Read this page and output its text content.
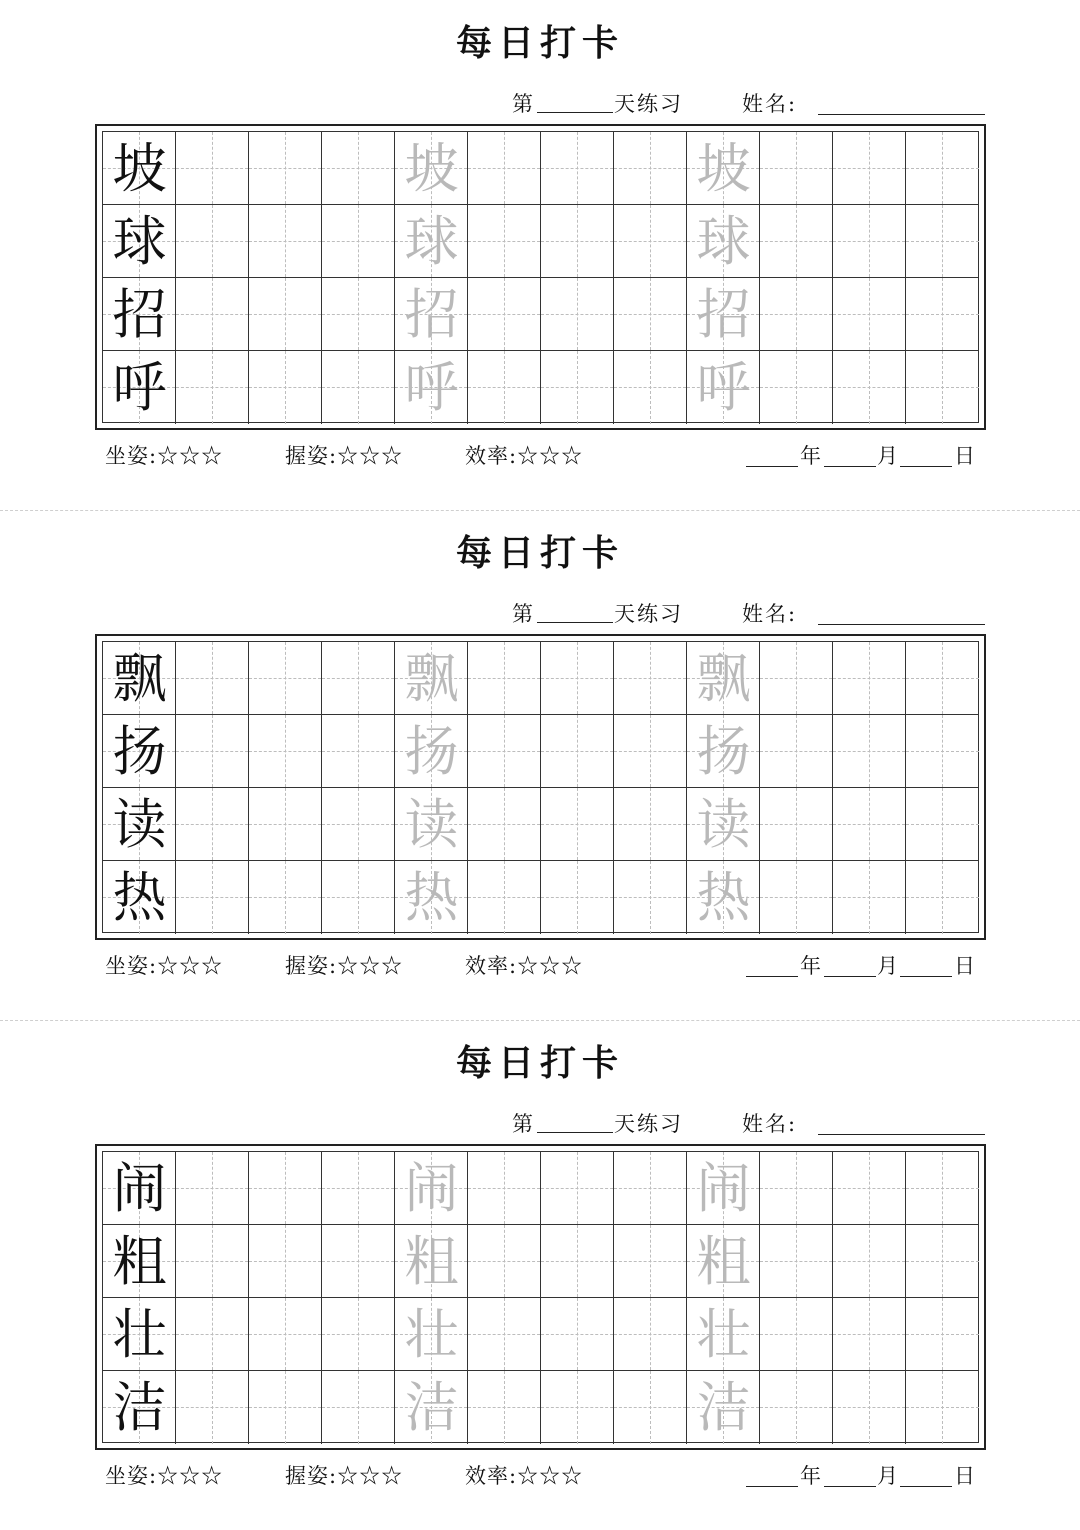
每日打卡
第	天练习	姓名:
坡	坡	坡
球	球	球
招	招	招
呼	呼	呼
坐姿:☆☆☆	握姿:☆☆☆	效率:☆☆☆	年	月	日
每日打卡
第	天练习	姓名:
飘	飘	飘
扬	扬	扬
读	读	读
热	热	热
坐姿:☆☆☆	握姿:☆☆☆	效率:☆☆☆	年	月	日
每日打卡
第	天练习	姓名:
闹	闹	闹
粗	粗	粗
壮	壮	壮
洁	洁	洁
坐姿:☆☆☆	握姿:☆☆☆	效率:☆☆☆	年	月	日
